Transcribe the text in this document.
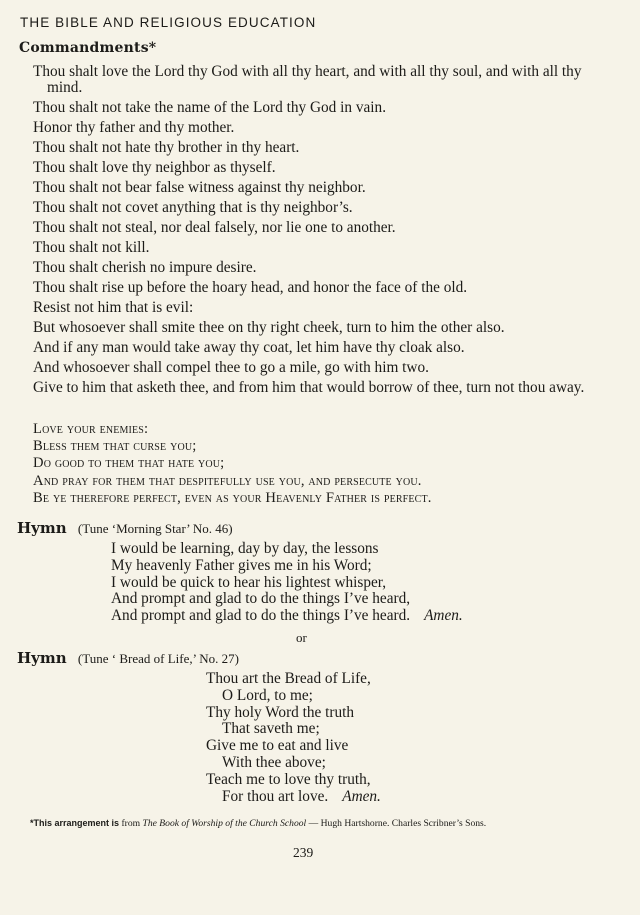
THE BIBLE AND RELIGIOUS EDUCATION
Commandments*
Thou shalt love the Lord thy God with all thy heart, and with all thy soul, and with all thy mind.
Thou shalt not take the name of the Lord thy God in vain.
Honor thy father and thy mother.
Thou shalt not hate thy brother in thy heart.
Thou shalt love thy neighbor as thyself.
Thou shalt not bear false witness against thy neighbor.
Thou shalt not covet anything that is thy neighbor’s.
Thou shalt not steal, nor deal falsely, nor lie one to another.
Thou shalt not kill.
Thou shalt cherish no impure desire.
Thou shalt rise up before the hoary head, and honor the face of the old.
Resist not him that is evil:
But whosoever shall smite thee on thy right cheek, turn to him the other also.
And if any man would take away thy coat, let him have thy cloak also.
And whosoever shall compel thee to go a mile, go with him two.
Give to him that asketh thee, and from him that would borrow of thee, turn not thou away.
Love your enemies:
Bless them that curse you;
Do good to them that hate you;
And pray for them that despitefully use you, and persecute you.
Be ye therefore perfect, even as your Heavenly Father is perfect.
Hymn (Tune ‘Morning Star’ No. 46)
I would be learning, day by day, the lessons
My heavenly Father gives me in his Word;
I would be quick to hear his lightest whisper,
And prompt and glad to do the things I’ve heard,
And prompt and glad to do the things I’ve heard. Amen.
or
Hymn (Tune ‘ Bread of Life,’ No. 27)
Thou art the Bread of Life,
O Lord, to me;
Thy holy Word the truth
That saveth me;
Give me to eat and live
With thee above;
Teach me to love thy truth,
For thou art love. Amen.
*This arrangement is from The Book of Worship of the Church School — Hugh Hartshorne. Charles Scribner’s Sons.
239
